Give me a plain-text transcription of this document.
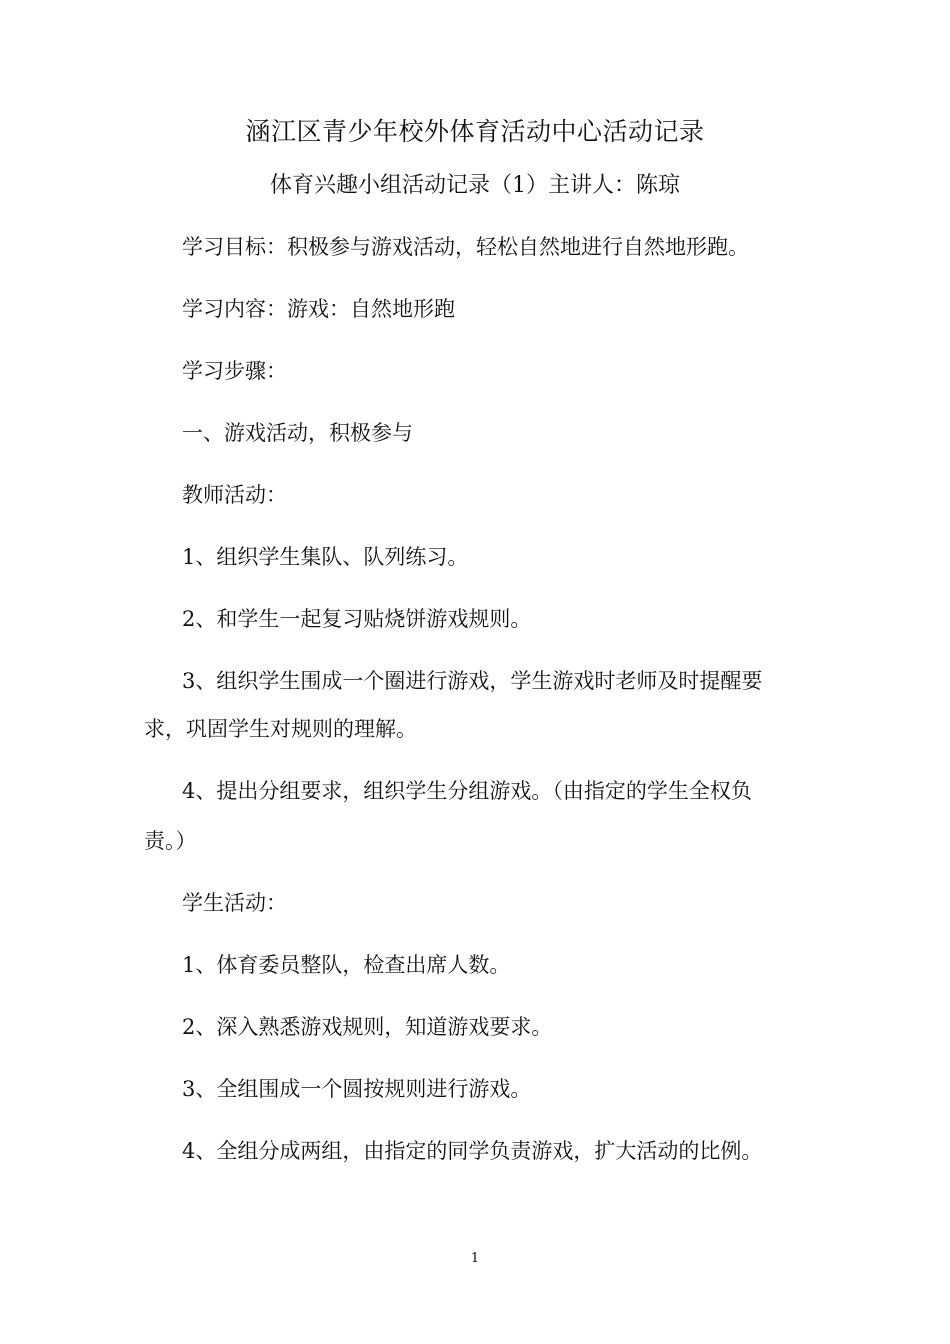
涵江区青少年校外体育活动中心活动记录
体育兴趣小组活动记录（1）主讲人：陈琼
学习目标：积极参与游戏活动，轻松自然地进行自然地形跑。
学习内容：游戏：自然地形跑
学习步骤：
一、游戏活动，积极参与
教师活动：
1、组织学生集队、队列练习。
2、和学生一起复习贴烧饼游戏规则。
3、组织学生围成一个圈进行游戏，学生游戏时老师及时提醒要
求，巩固学生对规则的理解。
4、提出分组要求，组织学生分组游戏。（由指定的学生全权负
责。）
学生活动：
1、体育委员整队，检查出席人数。
2、深入熟悉游戏规则，知道游戏要求。
3、全组围成一个圆按规则进行游戏。
4、全组分成两组，由指定的同学负责游戏，扩大活动的比例。
1
